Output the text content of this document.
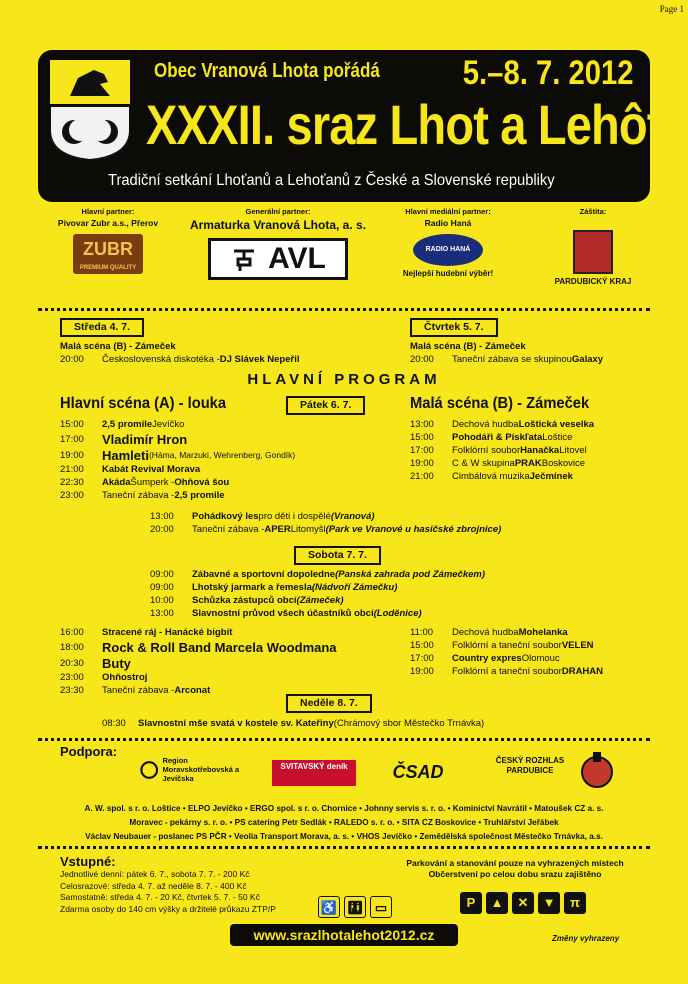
Page 1
Obec Vranová Lhota pořádá 5.–8. 7. 2012
XXXII. sraz Lhot a Lehôt
Tradiční setkání Lhoťanů a Lehoťanů z České a Slovenské republiky
Hlavní partner:
Pivovar Zubr a.s., Přerov
ZUBR
PREMIUM QUALITY
Generální partner:
Armaturka Vranová Lhota, a. s.
AVL
Hlavní mediální partner:
Radio Haná
RADIO HANÁ
Nejlepší hudební výběr!
Záštita:
PARDUBICKÝ KRAJ
Středa 4. 7.
Malá scéna (B) - Zámeček
20:00	Československá diskotéka - DJ Slávek Nepeřil
Čtvrtek 5. 7.
Malá scéna (B) - Zámeček
20:00	Taneční zábava se skupinou Galaxy
HLAVNÍ PROGRAM
Hlavní scéna (A) - louka	Pátek 6. 7.	Malá scéna (B) - Zámeček
15:00	2,5 promile Jevíčko
17:00	Vladimír Hron
19:00	Hamleti (Háma, Marzuki, Wehrenberg, Gondík)
21:00	Kabát Revival Morava
22:30	Akáda Šumperk - Ohňová šou
23:00	Taneční zábava - 2,5 promile
13:00	Dechová hudba Loštická veselka
15:00	Pohodáři & Pískľata Loštice
17:00	Folklórní soubor Hanačka Litovel
19:00	C & W skupina PRAK Boskovice
21:00	Cimbálová muzika Ječmínek
13:00	Pohádkový les pro děti i dospělé (Vranová)
20:00	Taneční zábava - APER Litomyšl (Park ve Vranové u hasičské zbrojnice)
Sobota 7. 7.
09:00	Zábavné a sportovní dopoledne (Panská zahrada pod Zámečkem)
09:00	Lhotský jarmark a řemesla (Nádvoří Zámečku)
10:00	Schůzka zástupců obcí (Zámeček)
13:00	Slavnostní průvod všech účastníků obcí (Loděnice)
16:00	Stracené ráj - Hanácké bigbít
18:00	Rock & Roll Band Marcela Woodmana
20:30	Buty
23:00	Ohňostroj
23:30	Taneční zábava - Arconat
11:00	Dechová hudba Mohelanka
15:00	Folklórní a taneční soubor VELEN
17:00	Country expres Olomouc
19:00	Folklórní a taneční soubor DRAHAN
Neděle 8. 7.
08:30	Slavnostní mše svatá v kostele sv. Kateřiny (Chrámový sbor Městečko Trnávka)
Podpora:
Region Moravskotřebovská a Jevíčska
SVITAVSKÝ deník	ČSAD
ČESKÝ ROZHLAS PARDUBICE
A. W. spol. s r. o. Loštice • ELPO Jevíčko • ERGO spol. s r. o. Chornice • Johnny servis s. r. o. • Kominictví Navrátil • Matoušek CZ a. s.
Moravec - pekárny s. r. o. • PS catering Petr Sedlák • RALEDO s. r. o. • SITA CZ Boskovice • Truhlářství Jeřábek
Václav Neubauer - poslanec PS PČR • Veolia Transport Morava, a. s. • VHOS Jevíčko • Zemědělská společnost Městečko Trnávka, a.s.
Vstupné:
Jednotlivé denní: pátek 6. 7., sobota 7. 7. - 200 Kč
Celosrazové: středa 4. 7. až neděle 8. 7. - 400 Kč
Samostatně: středa 4. 7. - 20 Kč, čtvrtek 5. 7. - 50 Kč
Zdarma osoby do 140 cm výšky a držitelé průkazu ZTP/P	♿ 🚻︎ ▭
Parkování a stanování pouze na vyhrazených místech
Občerstvení po celou dobu srazu zajištěno
P	▲	✕	▼	π
www.srazlhotalehot2012.cz	Změny vyhrazeny
